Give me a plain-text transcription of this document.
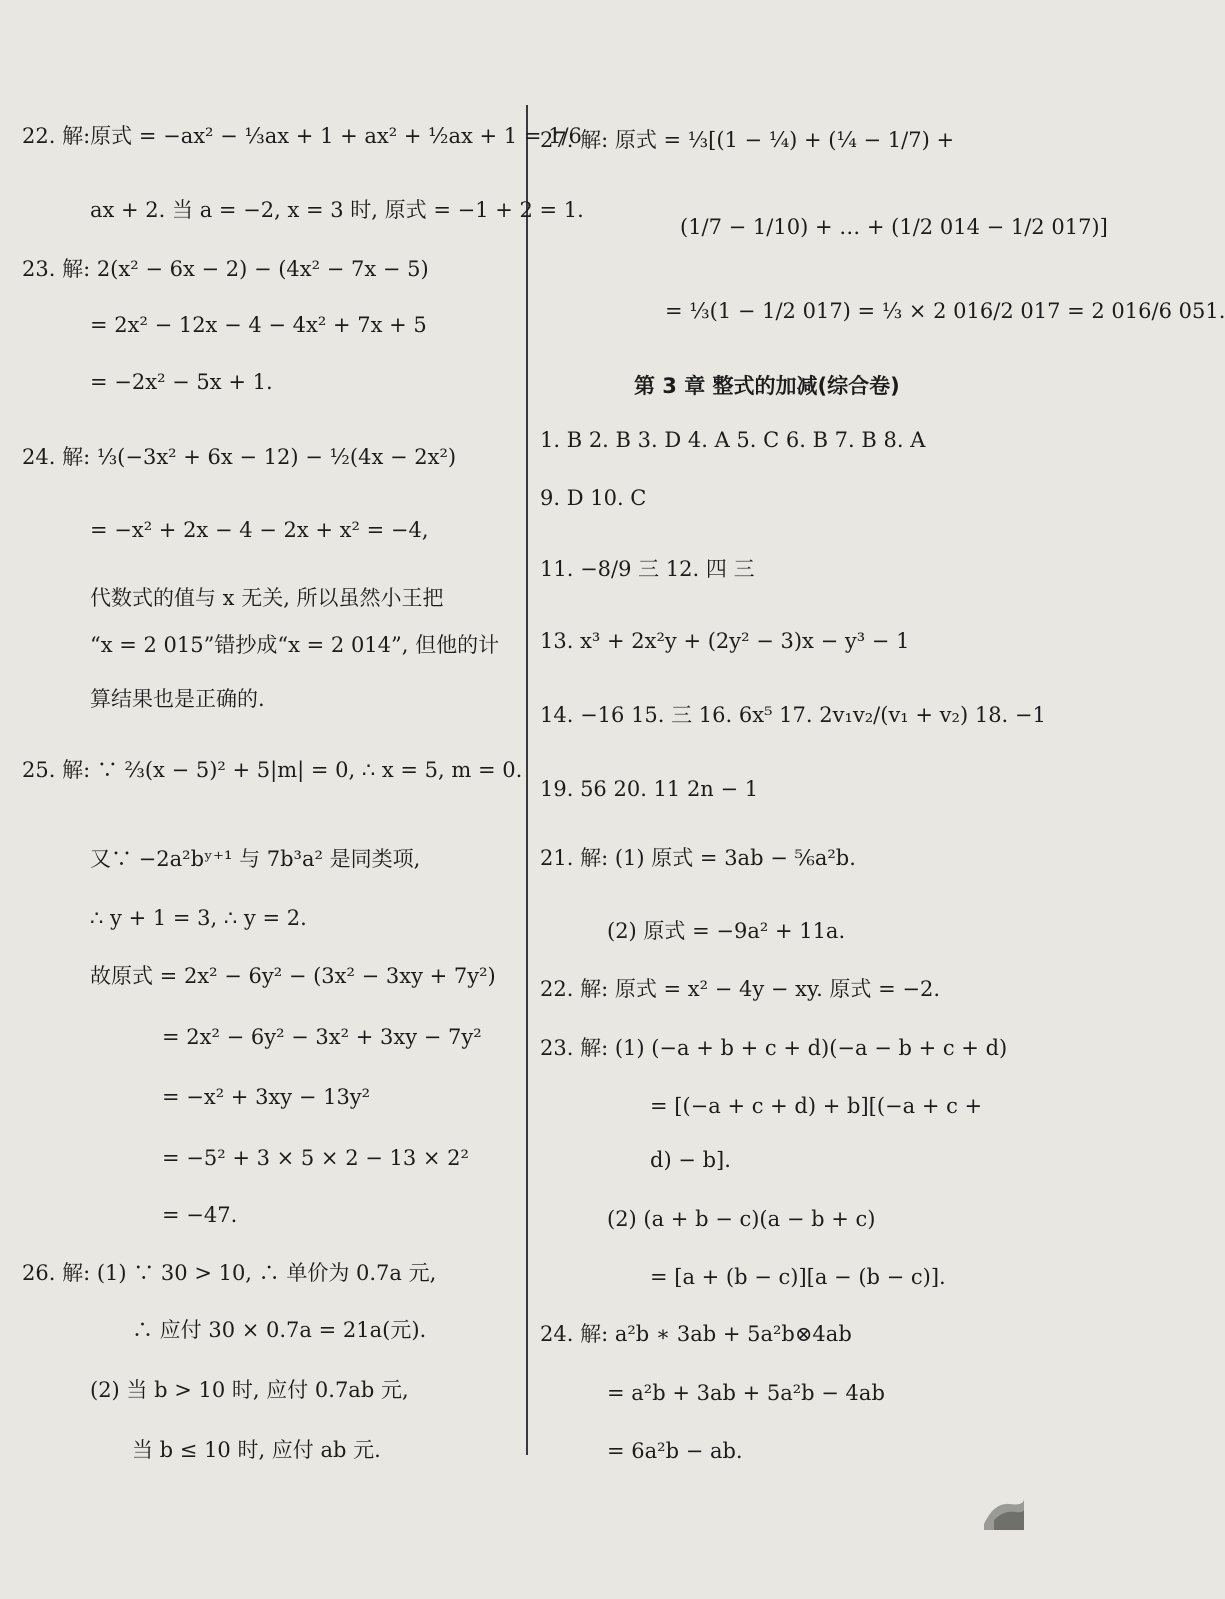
22. 解:原式 = −ax² − ⅓ax + 1 + ax² + ½ax + 1 = 1/6
ax + 2. 当 a = −2, x = 3 时, 原式 = −1 + 2 = 1.
23. 解: 2(x² − 6x − 2) − (4x² − 7x − 5)
= 2x² − 12x − 4 − 4x² + 7x + 5
= −2x² − 5x + 1.
24. 解: ⅓(−3x² + 6x − 12) − ½(4x − 2x²)
= −x² + 2x − 4 − 2x + x² = −4,
代数式的值与 x 无关, 所以虽然小王把
“x = 2 015”错抄成“x = 2 014”, 但他的计
算结果也是正确的.
25. 解: ∵ ⅔(x − 5)² + 5|m| = 0, ∴ x = 5, m = 0.
又∵ −2a²bʸ⁺¹ 与 7b³a² 是同类项,
∴ y + 1 = 3, ∴ y = 2.
故原式 = 2x² − 6y² − (3x² − 3xy + 7y²)
= 2x² − 6y² − 3x² + 3xy − 7y²
= −x² + 3xy − 13y²
= −5² + 3 × 5 × 2 − 13 × 2²
= −47.
26. 解: (1) ∵ 30 > 10, ∴ 单价为 0.7a 元,
∴ 应付 30 × 0.7a = 21a(元).
(2) 当 b > 10 时, 应付 0.7ab 元,
当 b ≤ 10 时, 应付 ab 元.
27. 解: 原式 = ⅓[(1 − ¼) + (¼ − 1/7) +
(1/7 − 1/10) + … + (1/2 014 − 1/2 017)]
= ⅓(1 − 1/2 017) = ⅓ × 2 016/2 017 = 2 016/6 051.
第 3 章 整式的加减(综合卷)
1. B 2. B 3. D 4. A 5. C 6. B 7. B 8. A
9. D 10. C
11. −8/9 三 12. 四 三
13. x³ + 2x²y + (2y² − 3)x − y³ − 1
14. −16 15. 三 16. 6x⁵ 17. 2v₁v₂/(v₁ + v₂) 18. −1
19. 56 20. 11 2n − 1
21. 解: (1) 原式 = 3ab − ⅚a²b.
(2) 原式 = −9a² + 11a.
22. 解: 原式 = x² − 4y − xy. 原式 = −2.
23. 解: (1) (−a + b + c + d)(−a − b + c + d)
= [(−a + c + d) + b][(−a + c +
d) − b].
(2) (a + b − c)(a − b + c)
= [a + (b − c)][a − (b − c)].
24. 解: a²b ∗ 3ab + 5a²b⊗4ab
= a²b + 3ab + 5a²b − 4ab
= 6a²b − ab.
